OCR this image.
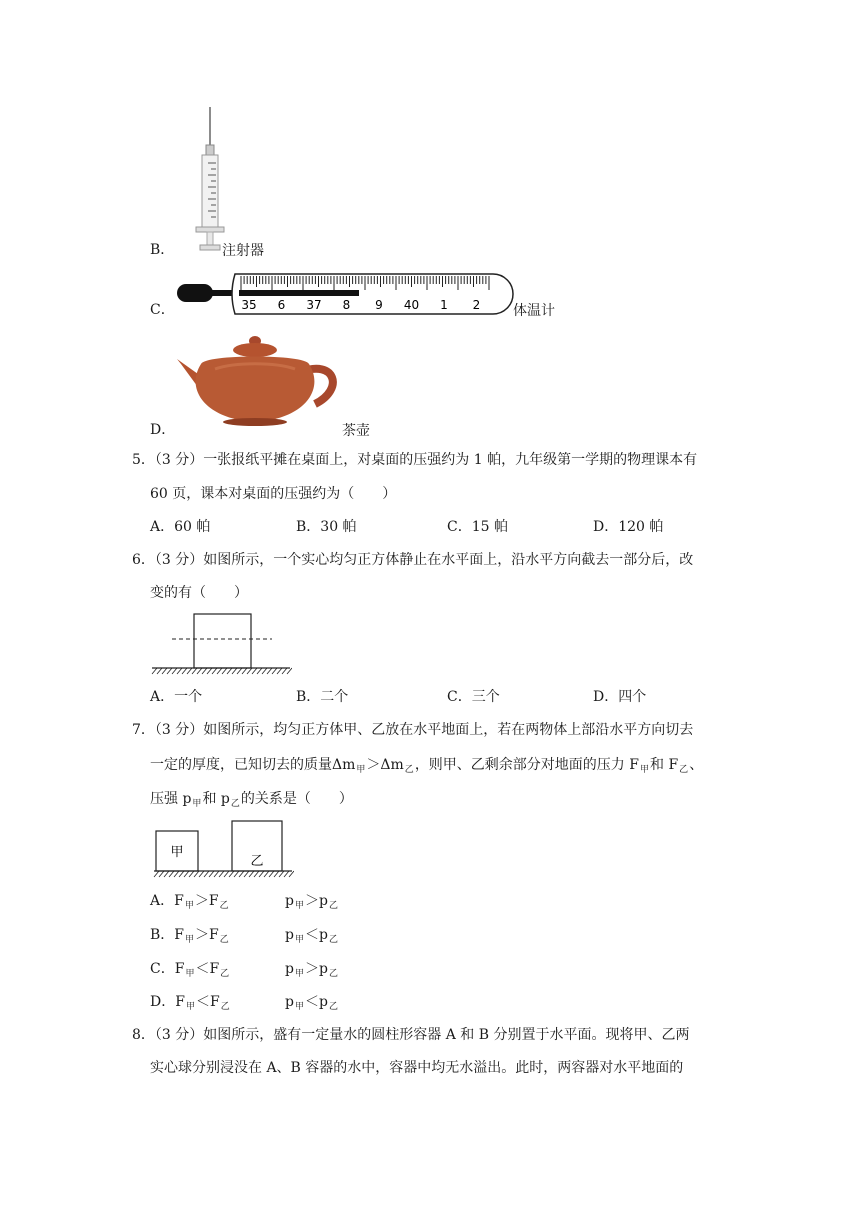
B．	注射器
C．	35 6 37 8 9 40 1 2 体温计
D．	茶壶
5．（3 分）一张报纸平摊在桌面上，对桌面的压强约为 1 帕，九年级第一学期的物理课本有
60 页，课本对桌面的压强约为（　　）
A．60 帕	B．30 帕	C．15 帕	D．120 帕
6．（3 分）如图所示，一个实心均匀正方体静止在水平面上，沿水平方向截去一部分后，改
变的有（　　）
A．一个	B．二个	C．三个	D．四个
7．（3 分）如图所示，均匀正方体甲、乙放在水平地面上，若在两物体上部沿水平方向切去
一定的厚度，已知切去的质量$\Delta m_甲>\Delta m_乙$，则甲、乙剩余部分对地面的压力 $F_甲$和 $F_乙$、
压强 $p_甲$和 $p_乙$的关系是（　　）
甲
乙
A．$F_甲>F_乙$	$p_甲>p_乙$
B．$F_甲>F_乙$	$p_甲<p_乙$
C．$F_甲<F_乙$	$p_甲>p_乙$
D．$F_甲<F_乙$	$p_甲<p_乙$
8．（3 分）如图所示，盛有一定量水的圆柱形容器 A 和 B 分别置于水平面。现将甲、乙两
实心球分别浸没在 A、B 容器的水中，容器中均无水溢出。此时，两容器对水平地面的
